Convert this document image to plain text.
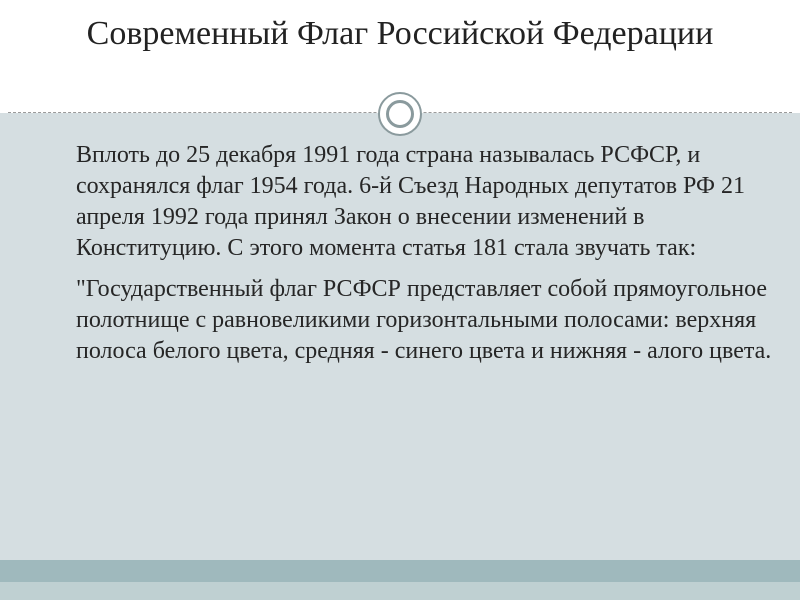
Современный Флаг Российской Федерации

Вплоть до 25 декабря 1991 года страна называлась РСФСР, и сохранялся флаг 1954 года. 6-й Съезд Народных депутатов РФ 21 апреля 1992 года принял Закон о внесении изменений в Конституцию. С этого момента статья 181 стала звучать так:

"Государственный флаг РСФСР представляет собой прямоугольное полотнище с равновеликими горизонтальными полосами: верхняя полоса белого цвета, средняя - синего цвета и нижняя - алого цвета.
